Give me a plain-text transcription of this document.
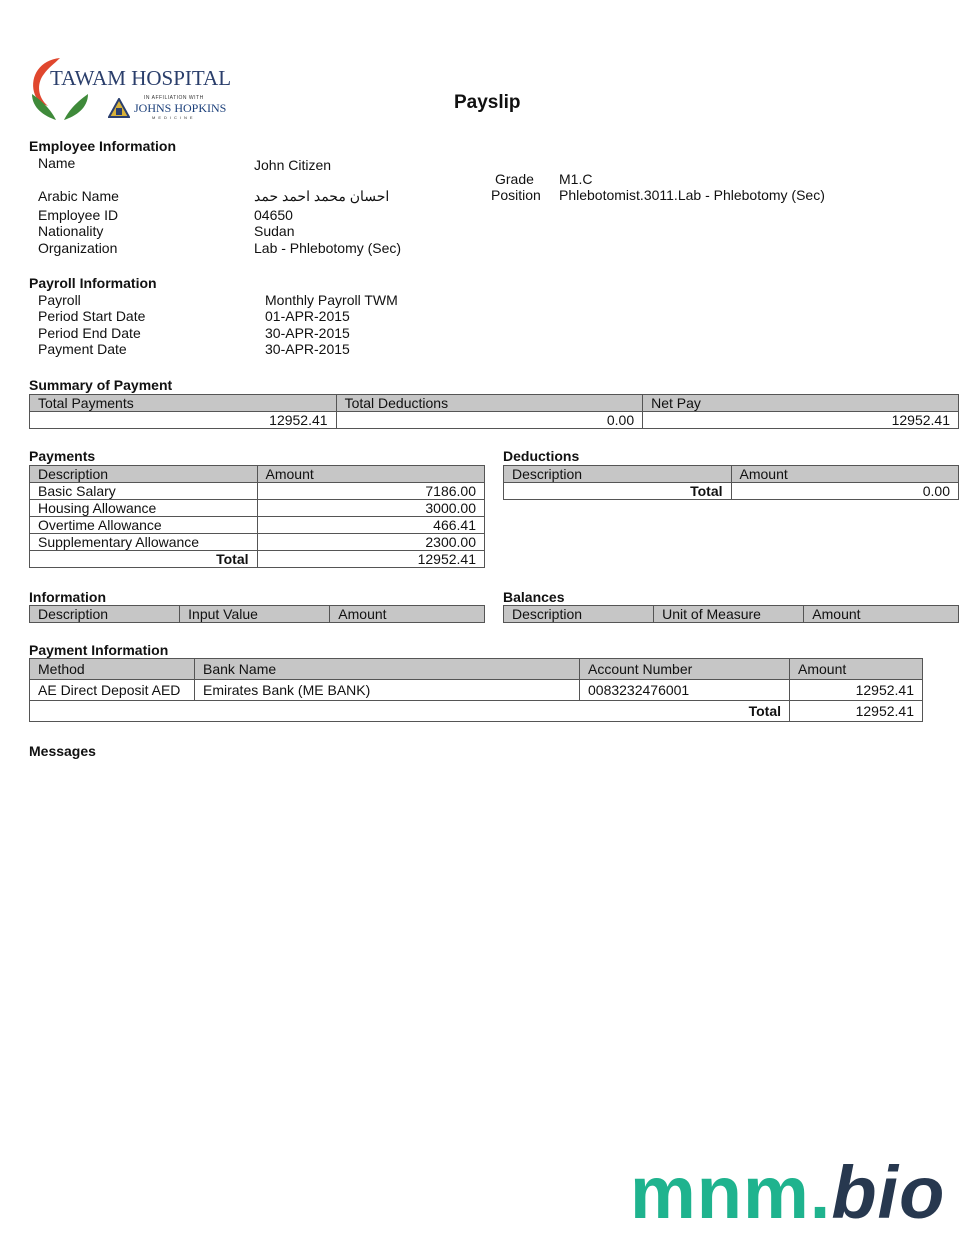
TAWAM HOSPITAL
IN AFFILIATION WITH
JOHNS HOPKINS
MEDICINE
Payslip
Employee Information
Name	John Citizen
Arabic Name	احسان محمد احمد حمد
Employee ID	04650
Nationality	Sudan
Organization	Lab - Phlebotomy (Sec)
Grade M1.C
Position Phlebotomist.3011.Lab - Phlebotomy (Sec)
Payroll Information
Payroll	Monthly Payroll TWM
Period Start Date	01-APR-2015
Period End Date	30-APR-2015
Payment Date	30-APR-2015
Summary of Payment
Total Payments	Total Deductions	Net Pay
12952.41	0.00	12952.41
Payments
Description	Amount
Basic Salary	7186.00
Housing Allowance	3000.00
Overtime Allowance	466.41
Supplementary Allowance	2300.00
Total	12952.41
Deductions
Description	Amount
Total	0.00
Information
Description	Input Value	Amount
Balances
Description	Unit of Measure	Amount
Payment Information
Method	Bank Name	Account Number	Amount
AE Direct Deposit AED	Emirates Bank (ME BANK)	0083232476001	12952.41
Total			12952.41
Messages
mnm.bio
